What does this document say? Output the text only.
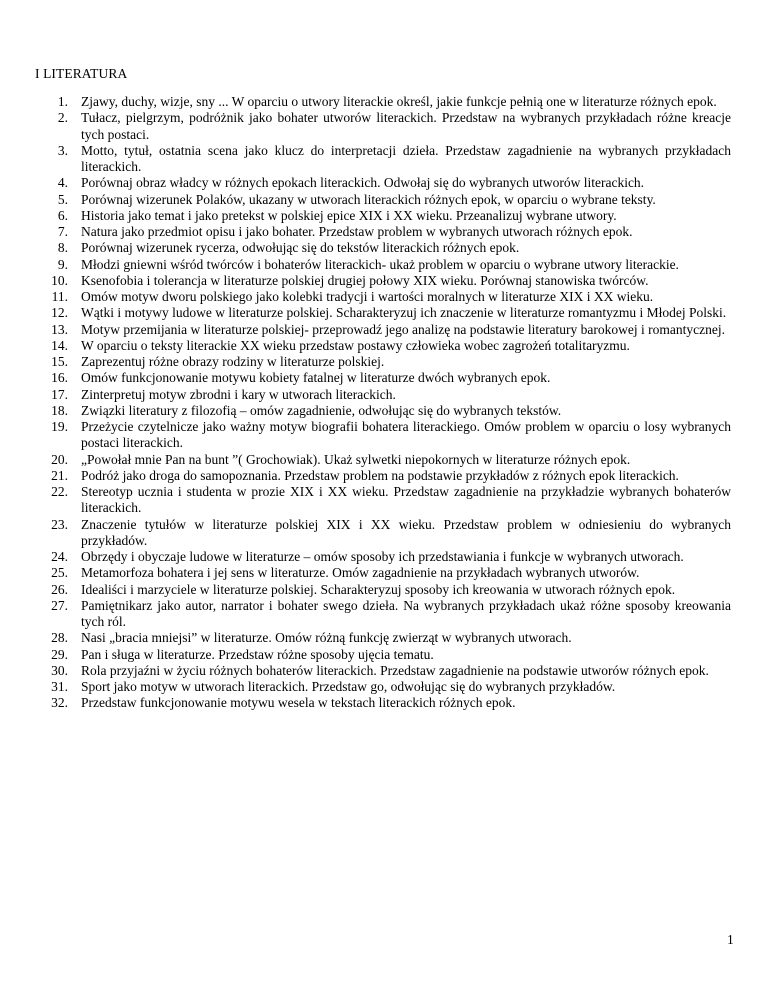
I LITERATURA
1. Zjawy, duchy, wizje, sny ... W oparciu o utwory literackie określ, jakie funkcje pełnią one w literaturze różnych epok.
2. Tułacz, pielgrzym, podróżnik jako bohater utworów literackich. Przedstaw na wybranych przykładach różne kreacje tych postaci.
3. Motto, tytuł, ostatnia scena jako klucz do interpretacji dzieła. Przedstaw zagadnienie na wybranych przykładach literackich.
4. Porównaj obraz władcy w różnych epokach literackich. Odwołaj się do wybranych utworów literackich.
5. Porównaj wizerunek Polaków, ukazany w utworach literackich różnych epok, w oparciu o wybrane teksty.
6. Historia jako temat i jako pretekst w polskiej epice XIX i XX wieku. Przeanalizuj wybrane utwory.
7. Natura jako przedmiot opisu i jako bohater. Przedstaw problem w wybranych utworach różnych epok.
8. Porównaj wizerunek rycerza, odwołując się do tekstów literackich różnych epok.
9. Młodzi gniewni wśród twórców i bohaterów literackich- ukaż problem w oparciu o wybrane utwory literackie.
10. Ksenofobia i tolerancja w literaturze polskiej drugiej połowy XIX wieku. Porównaj stanowiska twórców.
11. Omów motyw dworu polskiego jako kolebki tradycji i wartości moralnych w literaturze XIX i XX wieku.
12. Wątki i motywy ludowe w literaturze polskiej. Scharakteryzuj ich znaczenie w literaturze romantyzmu i Młodej Polski.
13. Motyw przemijania w literaturze polskiej- przeprowadź jego analizę na podstawie literatury barokowej i romantycznej.
14. W oparciu o teksty literackie XX wieku przedstaw postawy człowieka wobec zagrożeń totalitaryzmu.
15. Zaprezentuj różne obrazy rodziny w literaturze polskiej.
16. Omów funkcjonowanie motywu kobiety fatalnej w literaturze dwóch wybranych epok.
17. Zinterpretuj motyw zbrodni i kary w utworach literackich.
18. Związki literatury z filozofią – omów zagadnienie, odwołując się do wybranych tekstów.
19. Przeżycie czytelnicze jako ważny motyw biografii bohatera literackiego. Omów problem w oparciu o losy wybranych postaci literackich.
20. „Powołał mnie Pan na bunt ”( Grochowiak). Ukaż sylwetki niepokornych w literaturze różnych epok.
21. Podróż jako droga do samopoznania. Przedstaw problem na podstawie przykładów z różnych epok literackich.
22. Stereotyp ucznia i studenta w prozie XIX i XX wieku. Przedstaw zagadnienie na przykładzie wybranych bohaterów literackich.
23. Znaczenie tytułów w literaturze polskiej XIX i XX wieku. Przedstaw problem w odniesieniu do wybranych przykładów.
24. Obrzędy i obyczaje ludowe w literaturze – omów sposoby ich przedstawiania i funkcje w wybranych utworach.
25. Metamorfoza bohatera i jej sens w literaturze. Omów zagadnienie na przykładach wybranych utworów.
26. Idealiści i marzyciele w literaturze polskiej. Scharakteryzuj sposoby ich kreowania w utworach różnych epok.
27. Pamiętnikarz jako autor, narrator i bohater swego dzieła. Na wybranych przykładach ukaż różne sposoby kreowania tych ról.
28. Nasi „bracia mniejsi” w literaturze. Omów różną funkcję zwierząt w wybranych utworach.
29. Pan i sługa w literaturze. Przedstaw różne sposoby ujęcia tematu.
30. Rola przyjaźni w życiu różnych bohaterów literackich. Przedstaw zagadnienie na podstawie utworów różnych epok.
31. Sport jako motyw w utworach literackich. Przedstaw go, odwołując się do wybranych przykładów.
32. Przedstaw funkcjonowanie motywu wesela w tekstach literackich różnych epok.
1
